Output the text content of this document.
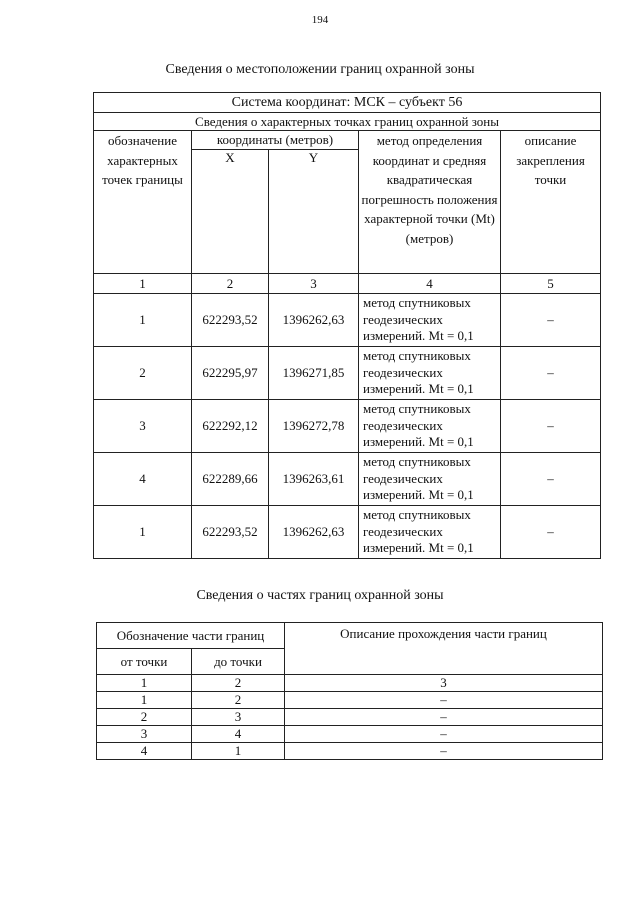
194
Сведения о местоположении границ охранной зоны
Система координат: МСК – субъект 56				
Сведения о характерных точках границ охранной зоны				
обозначение характерных точек границы	координаты (метров)		метод определения координат и средняя квадратическая погрешность положения характерной точки (Mt) (метров)	описание закрепления точки
	X	Y		
1	2	3	4	5
1	622293,52	1396262,63	метод спутниковых геодезических измерений. Mt = 0,1	–
2	622295,97	1396271,85	метод спутниковых геодезических измерений. Mt = 0,1	–
3	622292,12	1396272,78	метод спутниковых геодезических измерений. Mt = 0,1	–
4	622289,66	1396263,61	метод спутниковых геодезических измерений. Mt = 0,1	–
1	622293,52	1396262,63	метод спутниковых геодезических измерений. Mt = 0,1	–
Сведения о частях границ охранной зоны
Обозначение части границ		Описание прохождения части границ
от точки	до точки	
1	2	3
1	2	–
2	3	–
3	4	–
4	1	–
